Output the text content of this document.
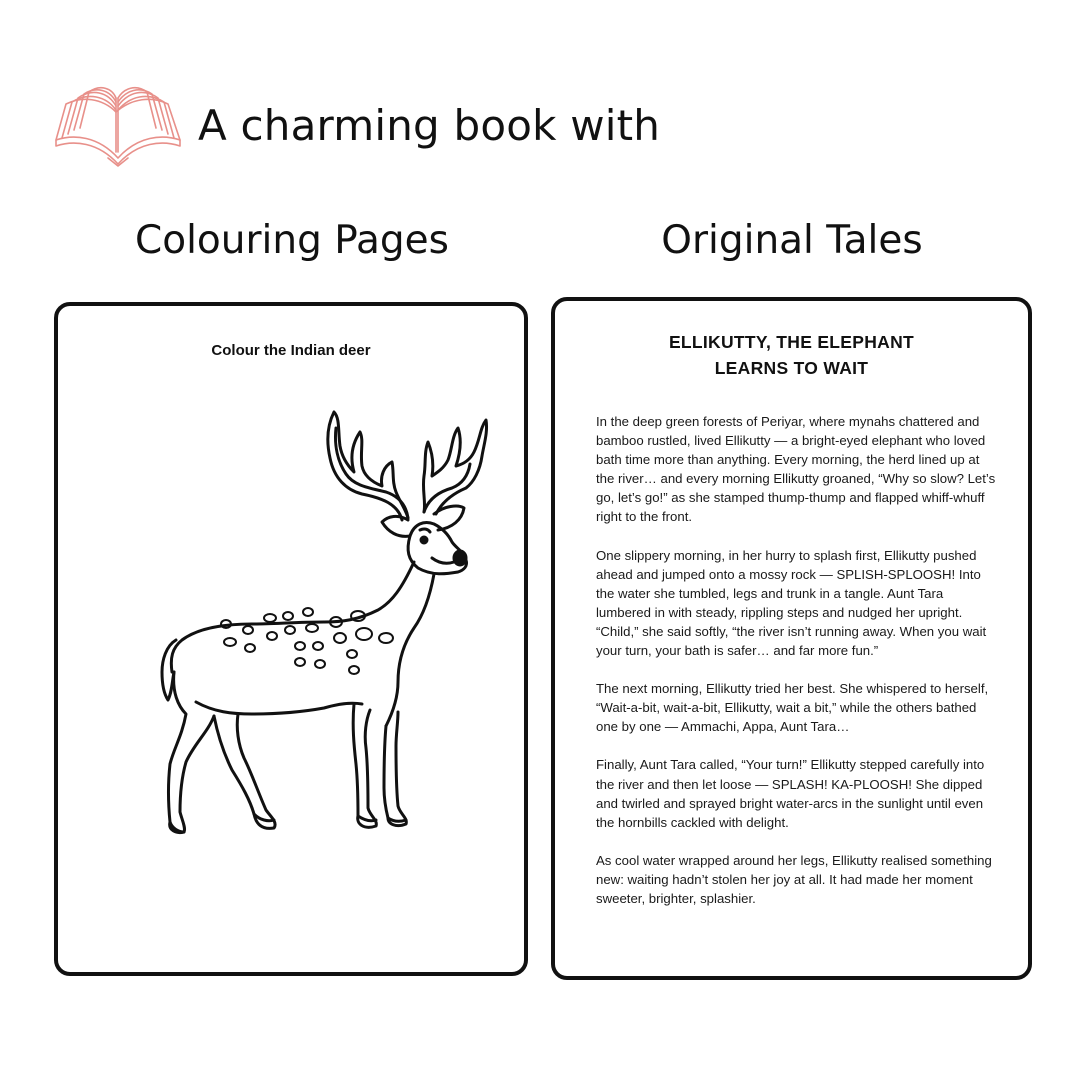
A charming book with
Colouring Pages	Original Tales
Colour the Indian deer	ELLIKUTTY, THE ELEPHANT
LEARNS TO WAIT

In the deep green forests of Periyar, where mynahs chattered and bamboo rustled, lived Ellikutty — a bright-eyed elephant who loved bath time more than anything. Every morning, the herd lined up at the river… and every morning Ellikutty groaned, “Why so slow? Let’s go, let’s go!” as she stamped thump-thump and flapped whiff-whuff right to the front.

One slippery morning, in her hurry to splash first, Ellikutty pushed ahead and jumped onto a mossy rock — SPLISH-SPLOOSH! Into the water she tumbled, legs and trunk in a tangle. Aunt Tara lumbered in with steady, rippling steps and nudged her upright. “Child,” she said softly, “the river isn’t running away. When you wait your turn, your bath is safer… and far more fun.”

The next morning, Ellikutty tried her best. She whispered to herself, “Wait-a-bit, wait-a-bit, Ellikutty, wait a bit,” while the others bathed one by one — Ammachi, Appa, Aunt Tara…

Finally, Aunt Tara called, “Your turn!” Ellikutty stepped carefully into the river and then let loose — SPLASH! KA-PLOOSH! She dipped and twirled and sprayed bright water-arcs in the sunlight until even the hornbills cackled with delight.

As cool water wrapped around her legs, Ellikutty realised something new: waiting hadn’t stolen her joy at all. It had made her moment sweeter, brighter, splashier.
